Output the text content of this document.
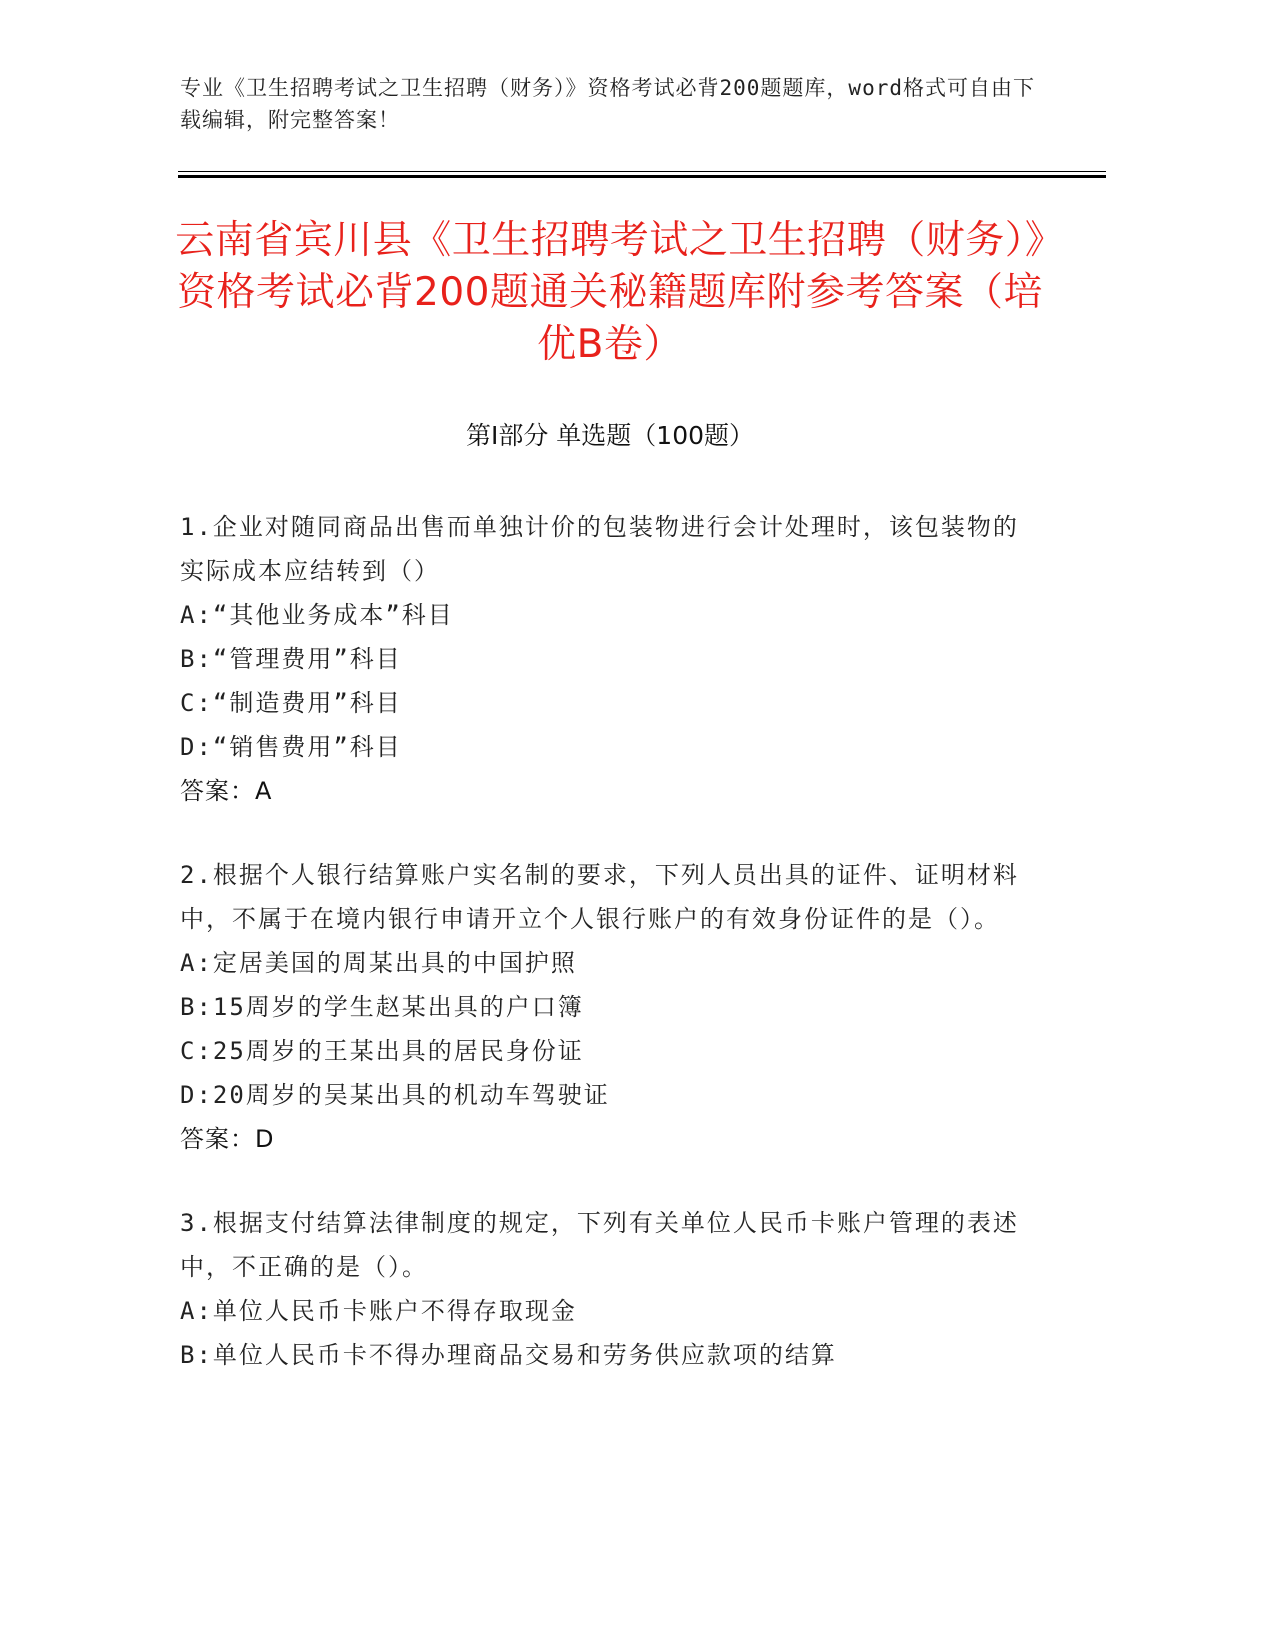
专业《卫生招聘考试之卫生招聘（财务）》资格考试必背200题题库，word格式可自由下载编辑，附完整答案！
云南省宾川县《卫生招聘考试之卫生招聘（财务）》资格考试必背200题通关秘籍题库附参考答案（培优B卷）
第I部分 单选题（100题）

1.企业对随同商品出售而单独计价的包装物进行会计处理时，该包装物的实际成本应结转到（）

A:“其他业务成本”科目

B:“管理费用”科目

C:“制造费用”科目

D:“销售费用”科目

答案：A

2.根据个人银行结算账户实名制的要求，下列人员出具的证件、证明材料中，不属于在境内银行申请开立个人银行账户的有效身份证件的是（）。

A:定居美国的周某出具的中国护照

B:15周岁的学生赵某出具的户口簿

C:25周岁的王某出具的居民身份证

D:20周岁的吴某出具的机动车驾驶证

答案：D

3.根据支付结算法律制度的规定，下列有关单位人民币卡账户管理的表述中，不正确的是（）。

A:单位人民币卡账户不得存取现金

B:单位人民币卡不得办理商品交易和劳务供应款项的结算
